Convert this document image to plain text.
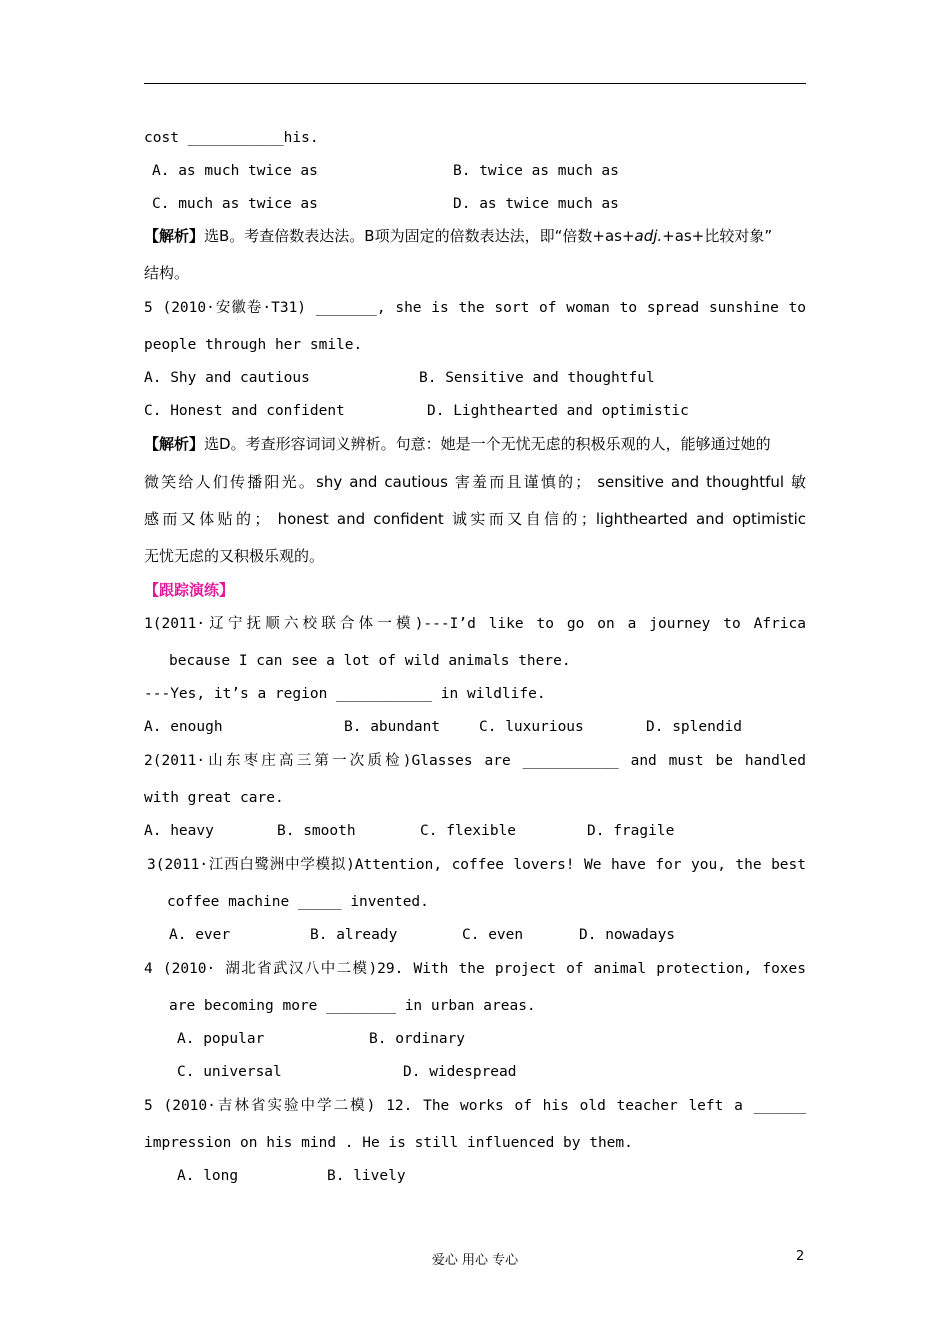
cost ___________his.
A. as much twice as	B. twice as much as
C. much as twice as	D. as twice much as
【解析】选B。考查倍数表达法。B项为固定的倍数表达法，即“倍数+as+adj.+as+比较对象”
结构。
5 (2010·安徽卷·T31) _______, she is the sort of woman to spread sunshine to
people through her smile.
A. Shy and cautious	B. Sensitive and thoughtful
C. Honest and confident	D. Lighthearted and optimistic
【解析】选D。考查形容词词义辨析。句意：她是一个无忧无虑的积极乐观的人，能够通过她的
微笑给人们传播阳光。shy and cautious 害羞而且谨慎的； sensitive and thoughtful 敏
感而又体贴的； honest and confident 诚实而又自信的；lighthearted and optimistic
无忧无虑的又积极乐观的。
【跟踪演练】
1(2011·辽宁抚顺六校联合体一模)---I’d like to go on a journey to Africa
because I can see a lot of wild animals there.
---Yes, it’s a region ___________ in wildlife.
A. enough	B. abundant	C. luxurious	D. splendid
2(2011·山东枣庄高三第一次质检)Glasses are ___________ and must be handled
with great care.
A. heavy	B. smooth	C. flexible	D. fragile
3(2011·江西白鹭洲中学模拟)Attention, coffee lovers! We have for you, the best
coffee machine _____ invented.
A. ever	B. already	C. even	D. nowadays
4 (2010· 湖北省武汉八中二模)29. With the project of animal protection, foxes
are becoming more ________ in urban areas.
A. popular	B. ordinary
C. universal	D. widespread
5 (2010·吉林省实验中学二模) 12. The works of his old teacher left a ______
impression on his mind . He is still influenced by them.
A. long	B. lively
爱心 用心 专心	2
